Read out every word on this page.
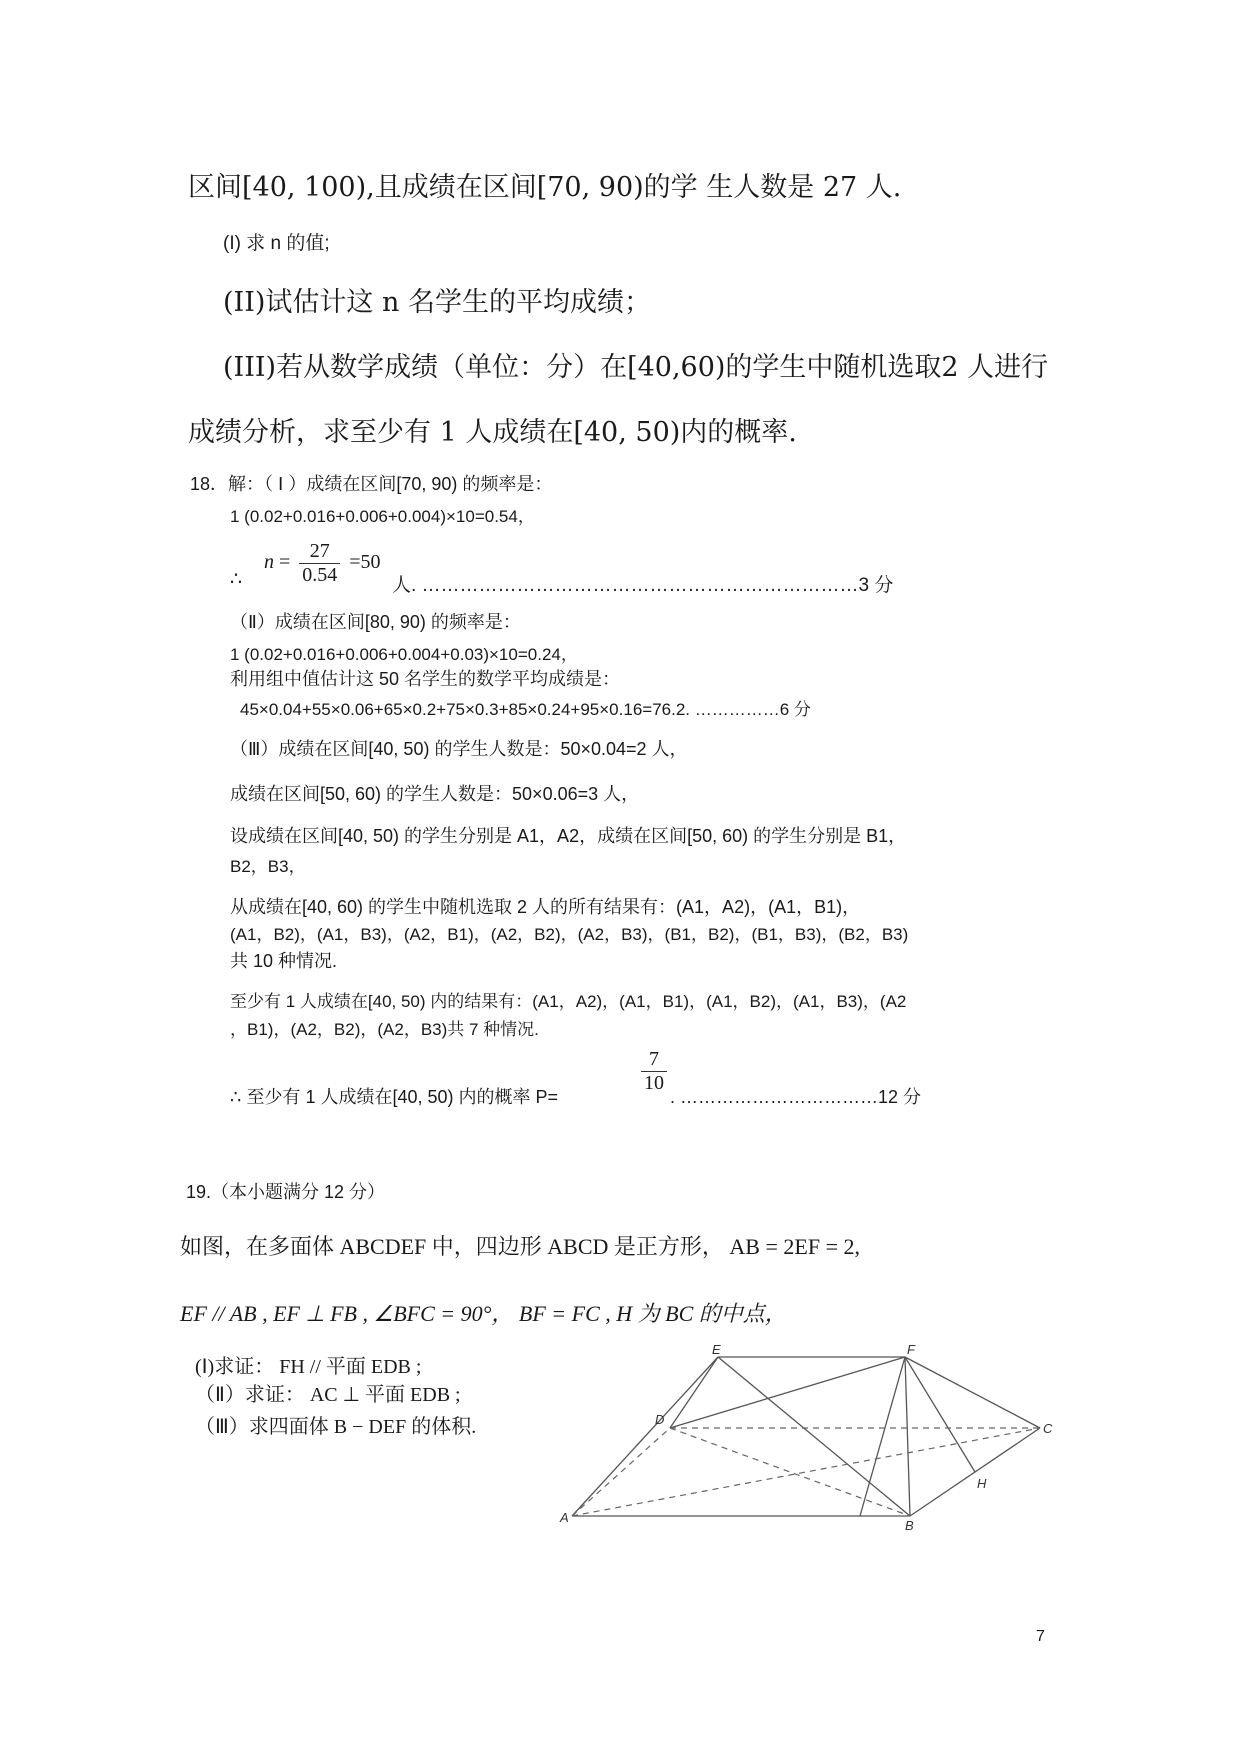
区间[40, 100),且成绩在区间[70, 90)的学 生人数是 27 人.
(I) 求 n 的值;
(II)试估计这 n 名学生的平均成绩；
(III)若从数学成绩（单位：分）在[40,60)的学生中随机选取2 人进行
成绩分析，求至少有 1 人成绩在[40, 50)内的概率.
18．解：（ Ⅰ ）成绩在区间[70, 90) 的频率是：
1 (0.02+0.016+0.006+0.004)×10=0.54，
∴
$n = \frac{27}{0.54} =50$
人. ……………………………………………………………3 分
（Ⅱ）成绩在区间[80, 90) 的频率是：
1 (0.02+0.016+0.006+0.004+0.03)×10=0.24，
利用组中值估计这 50 名学生的数学平均成绩是：
45×0.04+55×0.06+65×0.2+75×0.3+85×0.24+95×0.16=76.2. ……………6 分
（Ⅲ）成绩在区间[40, 50) 的学生人数是：50×0.04=2 人，
成绩在区间[50, 60) 的学生人数是：50×0.06=3 人，
设成绩在区间[40, 50) 的学生分别是 A1，A2，成绩在区间[50, 60) 的学生分别是 B1，
B2，B3，
从成绩在[40, 60) 的学生中随机选取 2 人的所有结果有：(A1，A2)，(A1，B1)，
(A1，B2)，(A1，B3)，(A2，B1)，(A2，B2)，(A2，B3)，(B1，B2)，(B1，B3)，(B2，B3)
共 10 种情况.
至少有 1 人成绩在[40, 50) 内的结果有：(A1，A2)，(A1，B1)，(A1，B2)，(A1，B3)，(A2
，B1)，(A2，B2)，(A2，B3)共 7 种情况.
∴ 至少有 1 人成绩在[40, 50) 内的概率 P=
$\frac{7}{10}$
. ……………………………12 分
19.（本小题满分 12 分）
如图，在多面体 ABCDEF 中，四边形 ABCD 是正方形， AB = 2EF = 2,
EF // AB , EF ⊥ FB , ∠BFC = 90°， BF = FC , H 为 BC 的中点，
(Ⅰ)求证： FH // 平面 EDB ;
（Ⅱ）求证： AC ⊥ 平面 EDB ;
（Ⅲ）求四面体 B − DEF 的体积.
A
B
C
D
E	F
H
7
